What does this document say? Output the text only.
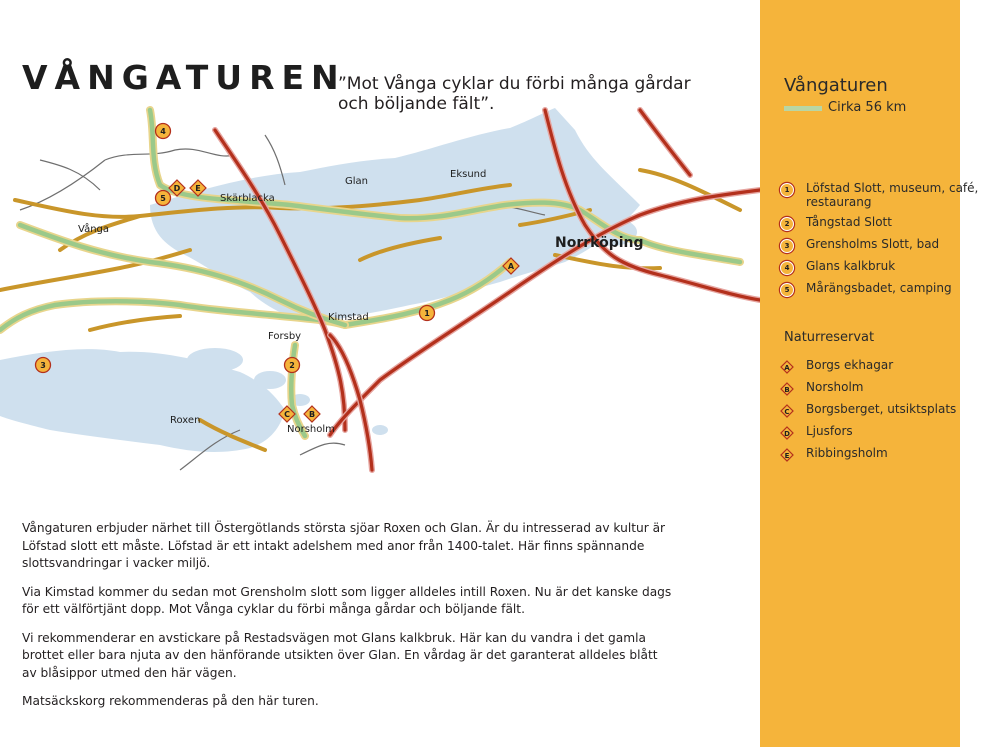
VÅNGATUREN
”Mot Vånga cyklar du förbi många gårdar
och böljande fält”.
Vånga
Skärblacka
Glan
Eksund
Norrköping
Kimstad
Forsby
Roxen
Norsholm
4
5
D E
A
1
3	2
C B
Vångaturen
Cirka 56 km
1	Löfstad Slott, museum, café, restaurang
2	Tångstad Slott
3	Grensholms Slott, bad
4	Glans kalkbruk
5	Mårängsbadet, camping
Naturreservat
A Borgs ekhagar
B Norsholm
C Borgsberget, utsiktsplats
D Ljusfors
E Ribbingsholm

Vångaturen erbjuder närhet till Östergötlands största sjöar Roxen och Glan. Är du intresserad av kultur är Löfstad slott ett måste. Löfstad är ett intakt adelshem med anor från 1400-talet. Här finns spännande slottsvandringar i vacker miljö.

Via Kimstad kommer du sedan mot Grensholm slott som ligger alldeles intill Roxen. Nu är det kanske dags för ett välförtjänt dopp. Mot Vånga cyklar du förbi många gårdar och böljande fält.

Vi rekommenderar en avstickare på Restadsvägen mot Glans kalkbruk. Här kan du vandra i det gamla brottet eller bara njuta av den hänförande utsikten över Glan. En vårdag är det garanterat alldeles blått av blåsippor utmed den här vägen.

Matsäckskorg rekommenderas på den här turen.
